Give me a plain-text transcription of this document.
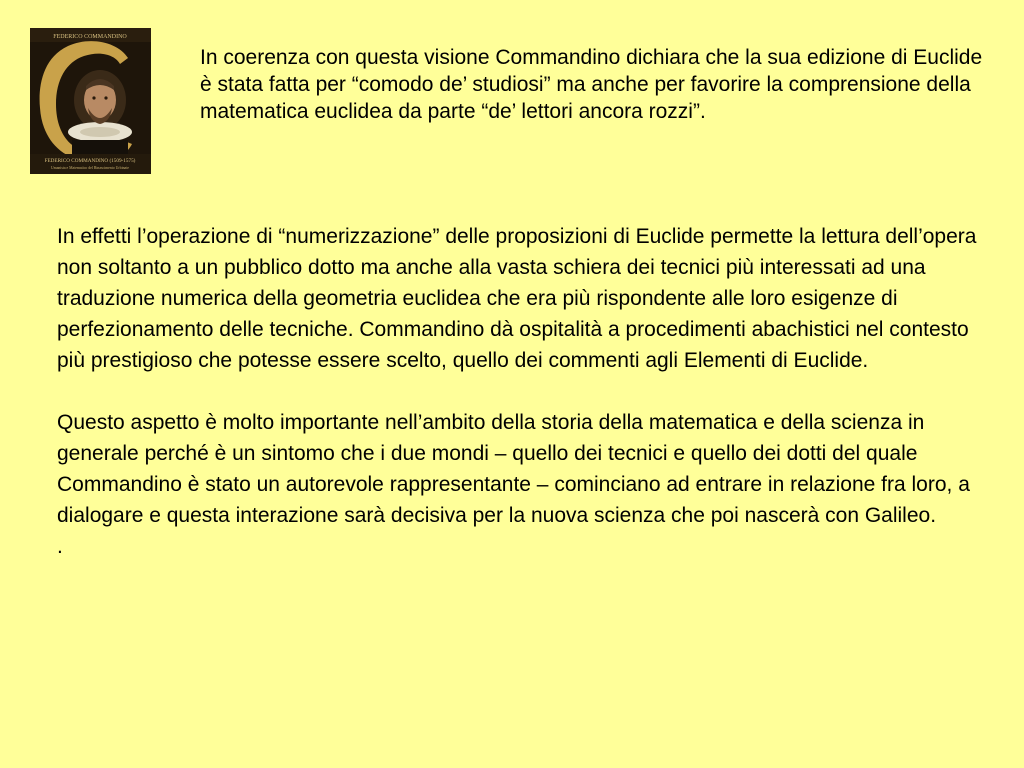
FEDERICO COMMANDINO
FEDERICO COMMANDINO (1509-1575)
Umanista e Matematico del Rinascimento Urbinate

In coerenza con questa visione Commandino dichiara che la sua edizione di Euclide è stata fatta per “comodo de’ studiosi” ma anche per favorire la comprensione della matematica euclidea da parte “de’ lettori ancora rozzi”.

In effetti l’operazione di “numerizzazione” delle proposizioni di Euclide permette la lettura dell’opera non soltanto a un pubblico dotto ma anche alla vasta schiera dei tecnici più interessati ad una traduzione numerica della geometria euclidea che era più rispondente alle loro esigenze di perfezionamento delle tecniche. Commandino dà ospitalità a procedimenti abachistici nel contesto più prestigioso che potesse essere scelto, quello dei commenti agli Elementi di Euclide.

Questo aspetto è molto importante nell’ambito della storia della matematica e della scienza in generale perché è un sintomo che i due mondi – quello dei tecnici e quello dei dotti del quale Commandino è stato un autorevole rappresentante – cominciano ad entrare in relazione fra loro, a dialogare e questa interazione sarà decisiva per la nuova scienza che poi nascerà con Galileo.

.
